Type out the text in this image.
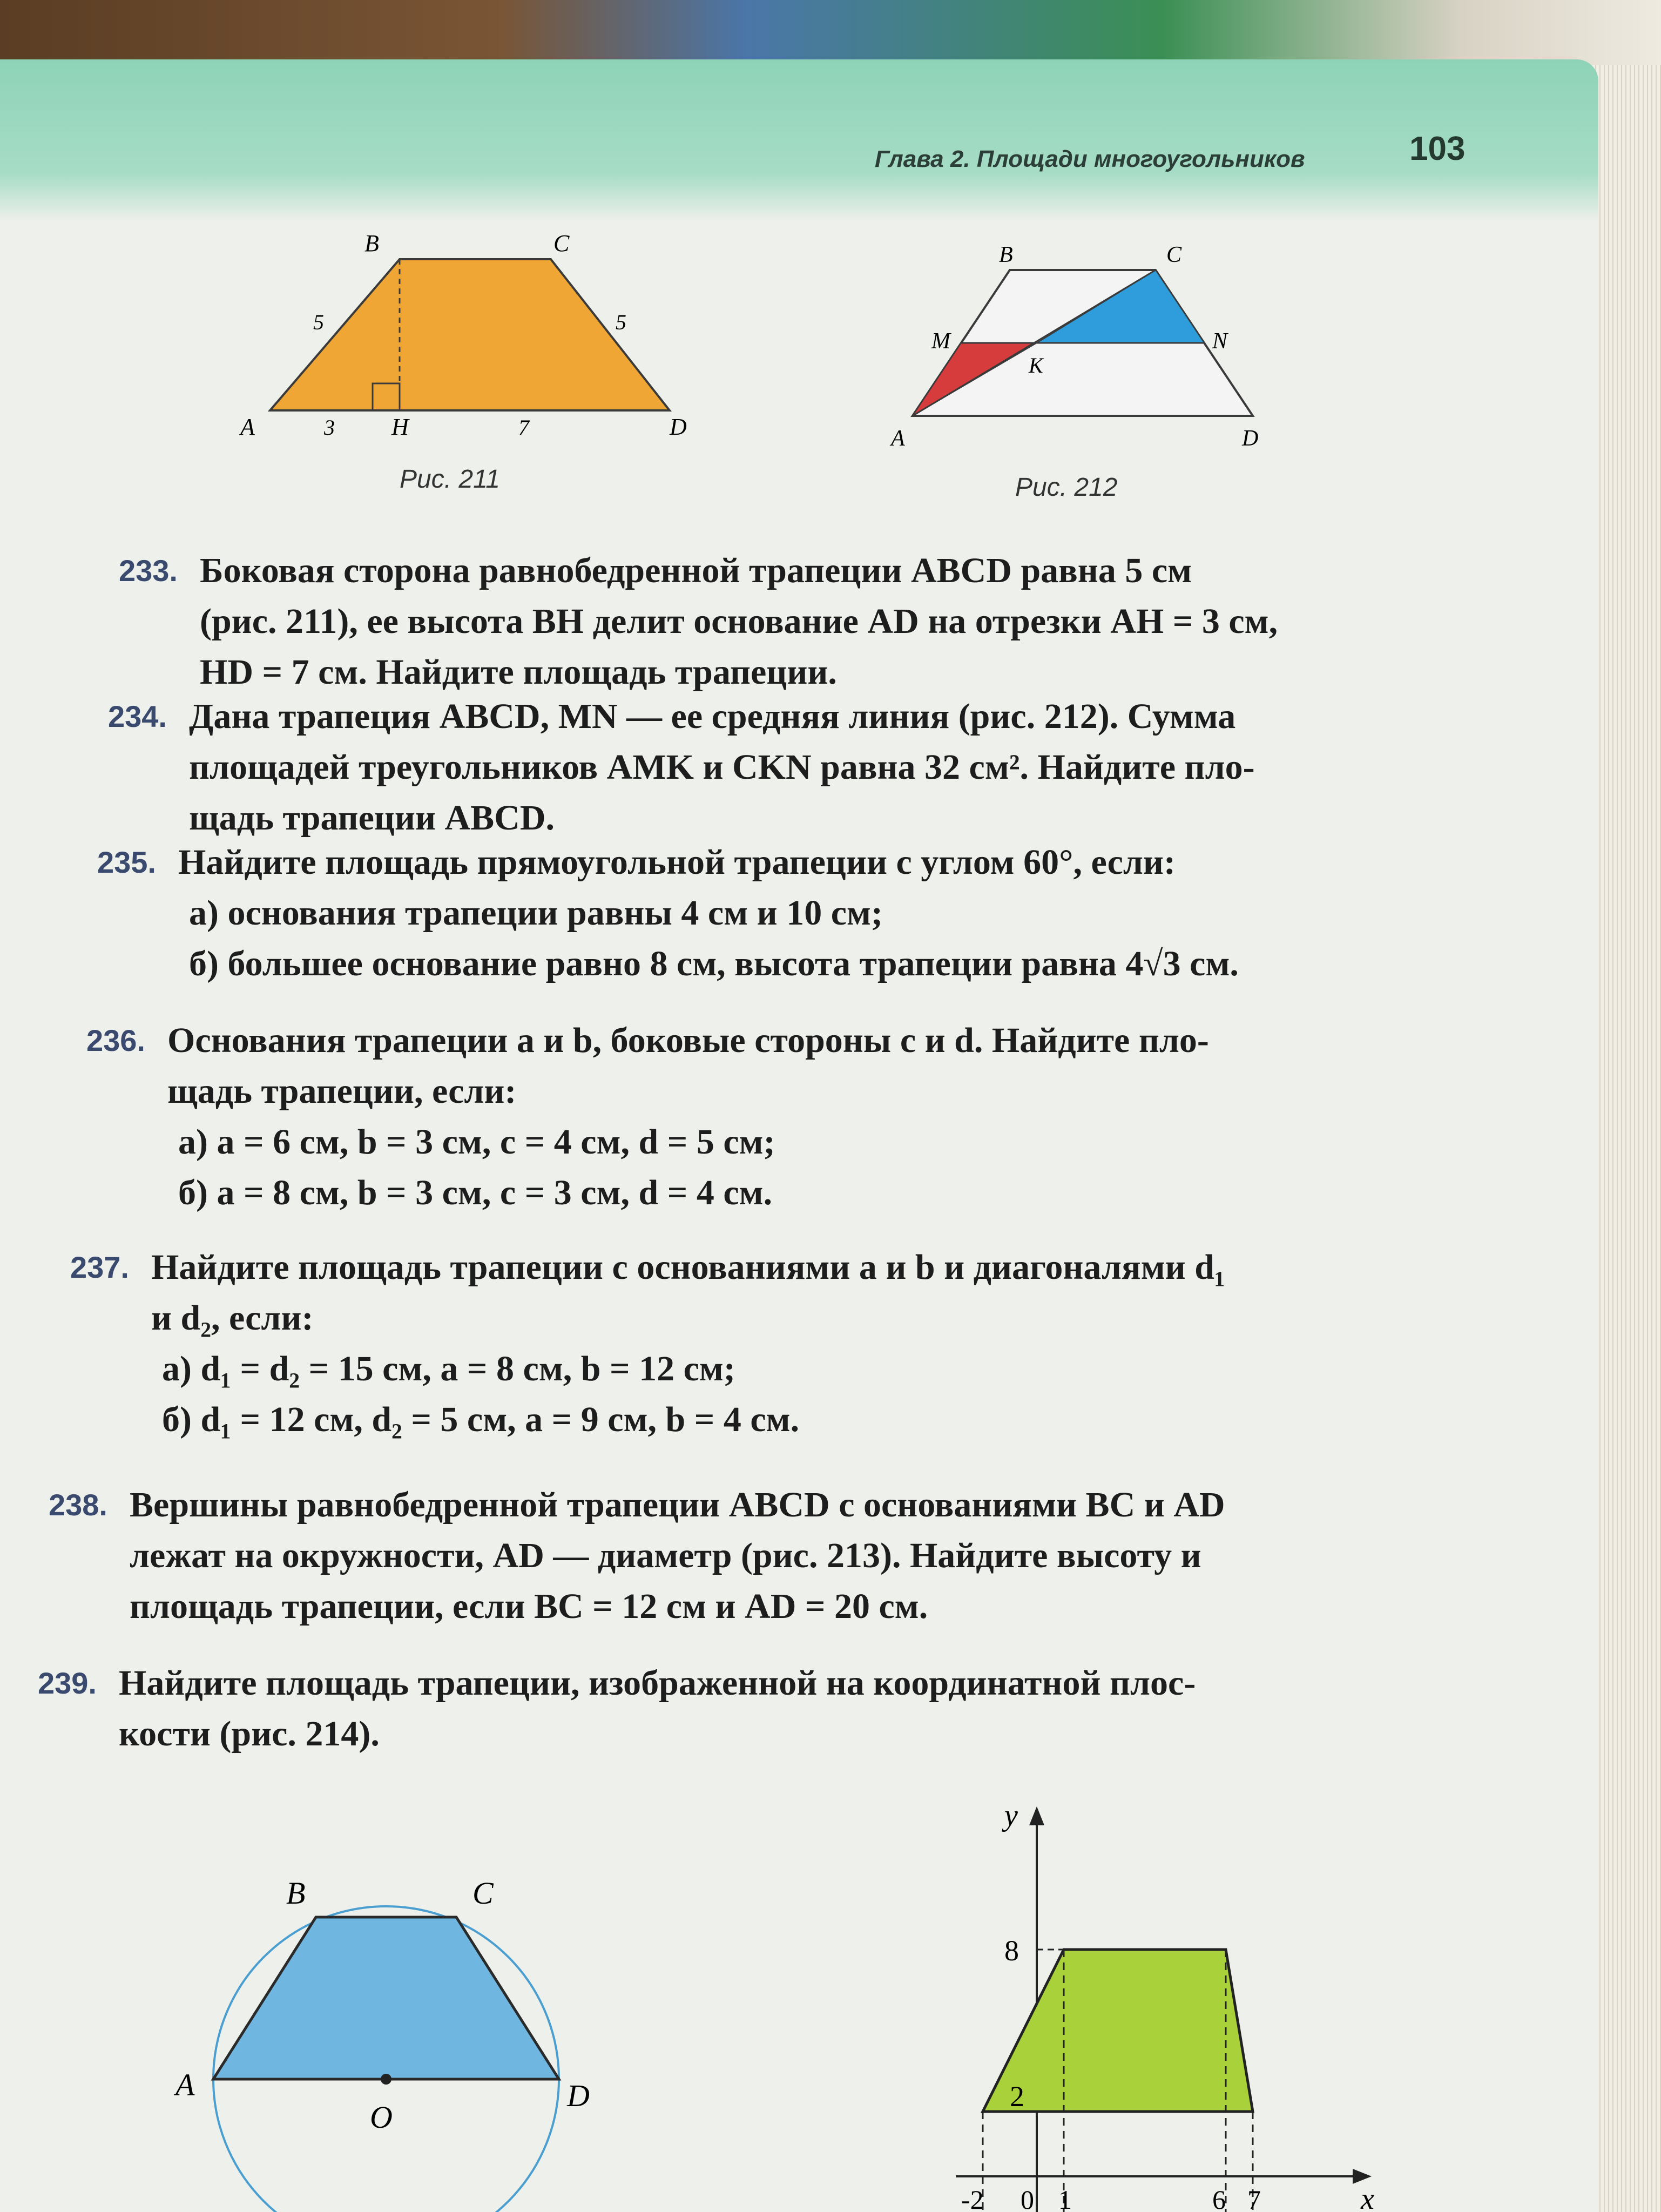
Глава 2. Площади многоугольников	103
B	C
A	D
H
5	5
3	7
Рис. 211
B	C
M	N
K
A	D
Рис. 212
233. Боковая сторона равнобедренной трапеции ABCD равна 5 см
(рис. 211), ее высота BH делит основание AD на отрезки AH = 3 см,
HD = 7 см. Найдите площадь трапеции.
234. Дана трапеция ABCD, MN — ее средняя линия (рис. 212). Сумма
площадей треугольников AMK и CKN равна 32 см². Найдите пло-
щадь трапеции ABCD.
235. Найдите площадь прямоугольной трапеции с углом 60°, если:
а) основания трапеции равны 4 см и 10 см;
б) большее основание равно 8 см, высота трапеции равна 4√3 см.
236. Основания трапеции a и b, боковые стороны c и d. Найдите пло-
щадь трапеции, если:
а) a = 6 см, b = 3 см, c = 4 см, d = 5 см;
б) a = 8 см, b = 3 см, c = 3 см, d = 4 см.
237. Найдите площадь трапеции с основаниями a и b и диагоналями d₁
и d₂, если:
а) d₁ = d₂ = 15 см, a = 8 см, b = 12 см;
б) d₁ = 12 см, d₂ = 5 см, a = 9 см, b = 4 см.
238. Вершины равнобедренной трапеции ABCD с основаниями BC и AD
лежат на окружности, AD — диаметр (рис. 213). Найдите высоту и
площадь трапеции, если BC = 12 см и AD = 20 см.
239. Найдите площадь трапеции, изображенной на координатной плос-
кости (рис. 214).
B	C
A	D
O
y
8
2
x
-2 0 1	6 7
